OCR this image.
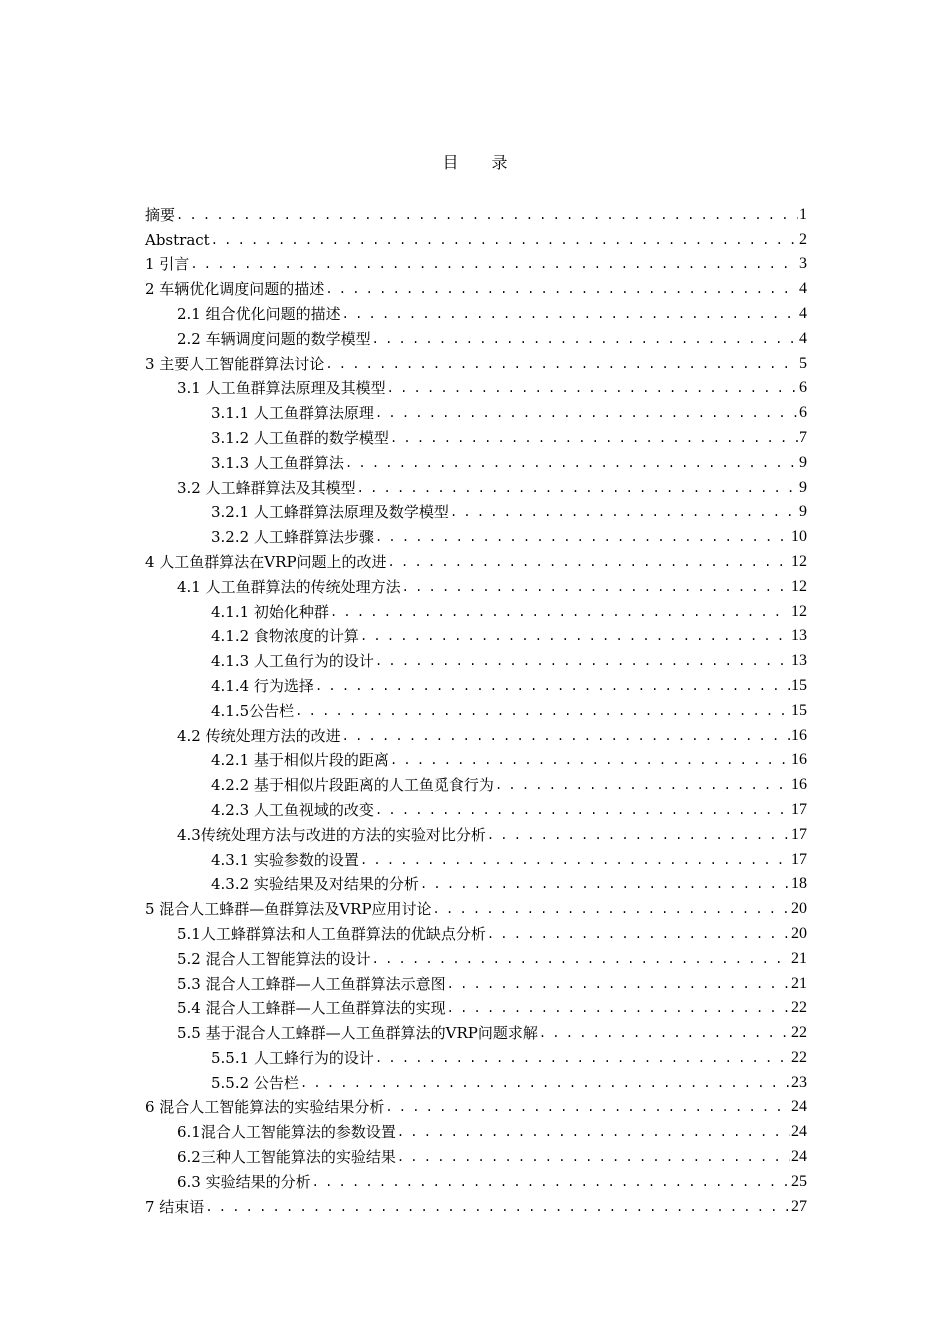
目 录
摘要 . . .	1
Abstract . . .	2
1 引言 . . .	3
2 车辆优化调度问题的描述 . . .	4
2.1 组合优化问题的描述 . . .	4
2.2 车辆调度问题的数学模型 . . .	4
3 主要人工智能群算法讨论 . . .	5
3.1 人工鱼群算法原理及其模型 . . .	6
3.1.1 人工鱼群算法原理 . . .	6
3.1.2 人工鱼群的数学模型 . . .	7
3.1.3 人工鱼群算法 . . .	9
3.2 人工蜂群算法及其模型 . . .	9
3.2.1 人工蜂群算法原理及数学模型 . . .	9
3.2.2 人工蜂群算法步骤 . . .	10
4 人工鱼群算法在VRP问题上的改进 . . .	12
4.1 人工鱼群算法的传统处理方法 . . .	12
4.1.1 初始化种群 . . .	12
4.1.2 食物浓度的计算 . . .	13
4.1.3 人工鱼行为的设计 . . .	13
4.1.4 行为选择 . . .	15
4.1.5公告栏 . . .	15
4.2 传统处理方法的改进 . . .	16
4.2.1 基于相似片段的距离 . . .	16
4.2.2 基于相似片段距离的人工鱼觅食行为 . . .	16
4.2.3 人工鱼视域的改变 . . .	17
4.3传统处理方法与改进的方法的实验对比分析 . . .	17
4.3.1 实验参数的设置 . . .	17
4.3.2 实验结果及对结果的分析 . . .	18
5 混合人工蜂群—鱼群算法及VRP应用讨论 . . .	20
5.1人工蜂群算法和人工鱼群算法的优缺点分析 . . .	20
5.2 混合人工智能算法的设计 . . .	21
5.3 混合人工蜂群—人工鱼群算法示意图 . . .	21
5.4 混合人工蜂群—人工鱼群算法的实现 . . .	22
5.5 基于混合人工蜂群—人工鱼群算法的VRP问题求解 . . .	22
5.5.1 人工蜂行为的设计 . . .	22
5.5.2 公告栏 . . .	23
6 混合人工智能算法的实验结果分析 . . .	24
6.1混合人工智能算法的参数设置 . . .	24
6.2三种人工智能算法的实验结果 . . .	24
6.3 实验结果的分析 . . .	25
7 结束语 . . .	27
